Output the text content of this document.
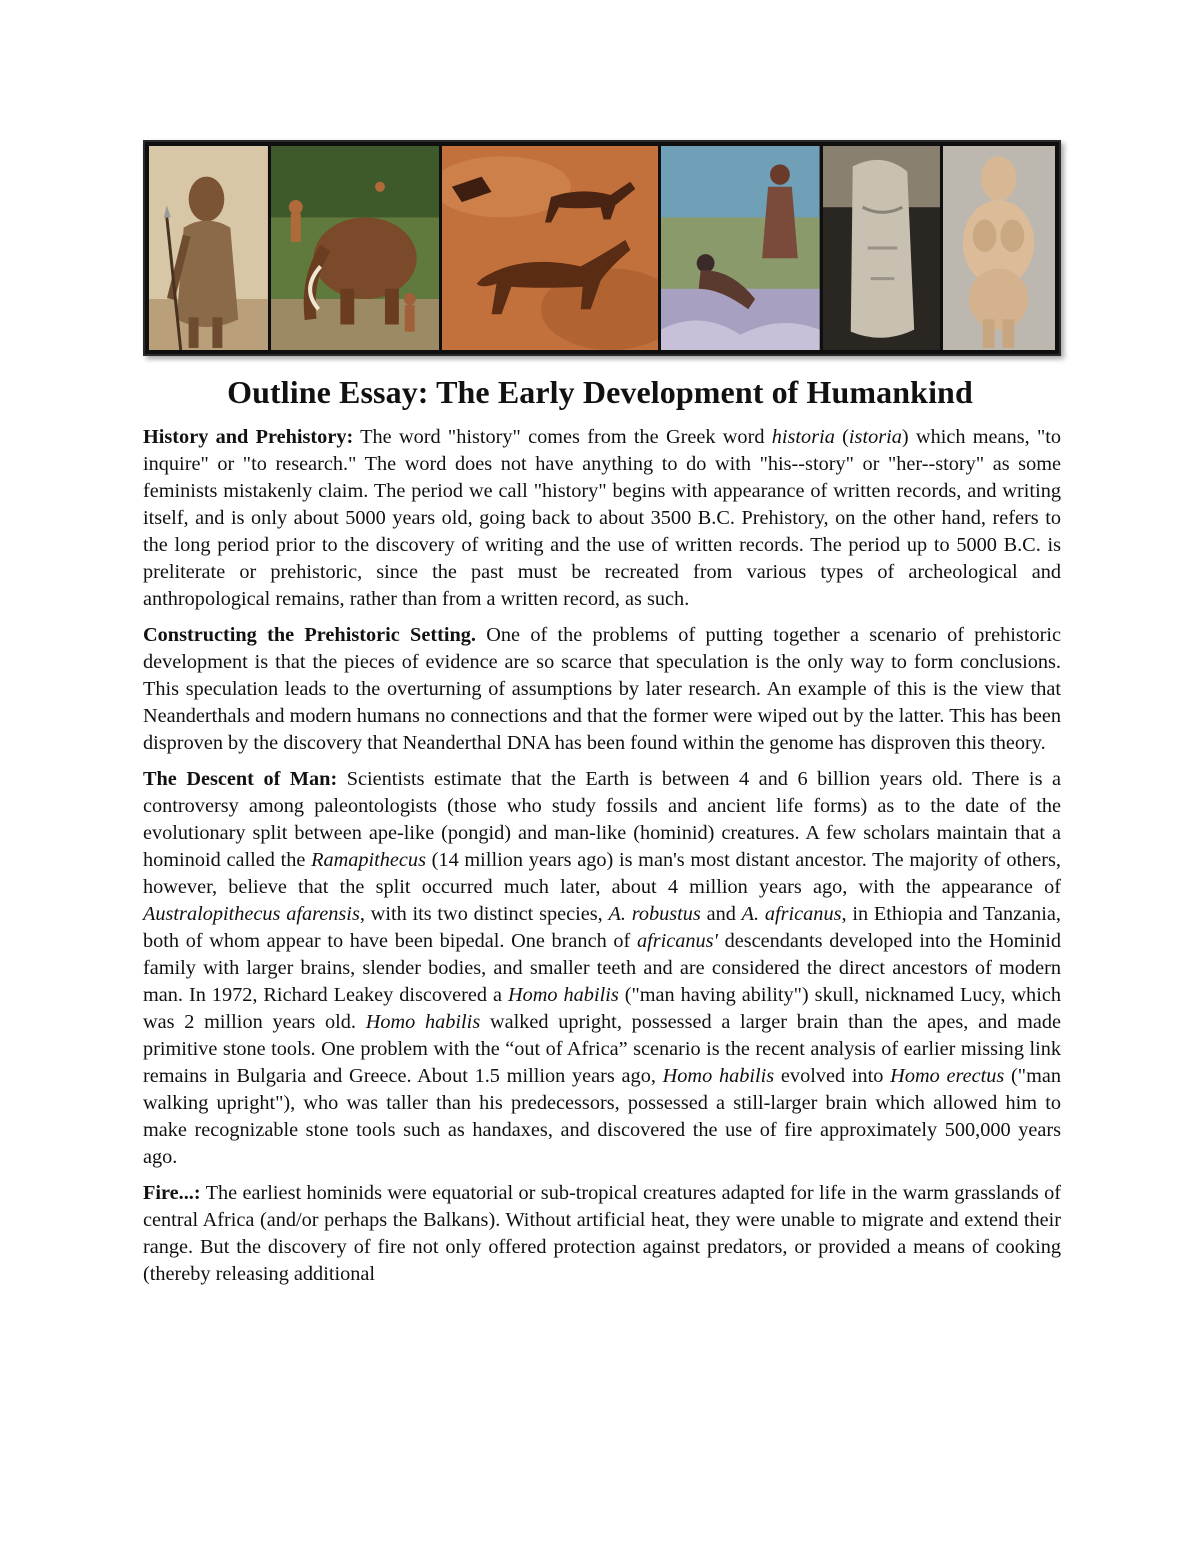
Outline Essay: The Early Development of Humankind

History and Prehistory: The word "history" comes from the Greek word historia (istoria) which means, "to inquire" or "to research." The word does not have anything to do with "his--story" or "her--story" as some feminists mistakenly claim. The period we call "history" begins with appearance of written records, and writing itself, and is only about 5000 years old, going back to about 3500 B.C. Prehistory, on the other hand, refers to the long period prior to the discovery of writing and the use of written records. The period up to 5000 B.C. is preliterate or prehistoric, since the past must be recreated from various types of archeological and anthropological remains, rather than from a written record, as such.

Constructing the Prehistoric Setting. One of the problems of putting together a scenario of prehistoric development is that the pieces of evidence are so scarce that speculation is the only way to form conclusions. This speculation leads to the overturning of assumptions by later research. An example of this is the view that Neanderthals and modern humans no connections and that the former were wiped out by the latter. This has been disproven by the discovery that Neanderthal DNA has been found within the genome has disproven this theory.

The Descent of Man: Scientists estimate that the Earth is between 4 and 6 billion years old. There is a controversy among paleontologists (those who study fossils and ancient life forms) as to the date of the evolutionary split between ape-like (pongid) and man-like (hominid) creatures. A few scholars maintain that a hominoid called the Ramapithecus (14 million years ago) is man's most distant ancestor. The majority of others, however, believe that the split occurred much later, about 4 million years ago, with the appearance of Australopithecus afarensis, with its two distinct species, A. robustus and A. africanus, in Ethiopia and Tanzania, both of whom appear to have been bipedal. One branch of africanus' descendants developed into the Hominid family with larger brains, slender bodies, and smaller teeth and are considered the direct ancestors of modern man. In 1972, Richard Leakey discovered a Homo habilis ("man having ability") skull, nicknamed Lucy, which was 2 million years old. Homo habilis walked upright, possessed a larger brain than the apes, and made primitive stone tools. One problem with the “out of Africa” scenario is the recent analysis of earlier missing link remains in Bulgaria and Greece. About 1.5 million years ago, Homo habilis evolved into Homo erectus ("man walking upright"), who was taller than his predecessors, possessed a still-larger brain which allowed him to make recognizable stone tools such as handaxes, and discovered the use of fire approximately 500,000 years ago.

Fire...: The earliest hominids were equatorial or sub-tropical creatures adapted for life in the warm grasslands of central Africa (and/or perhaps the Balkans). Without artificial heat, they were unable to migrate and extend their range. But the discovery of fire not only offered protection against predators, or provided a means of cooking (thereby releasing additional
